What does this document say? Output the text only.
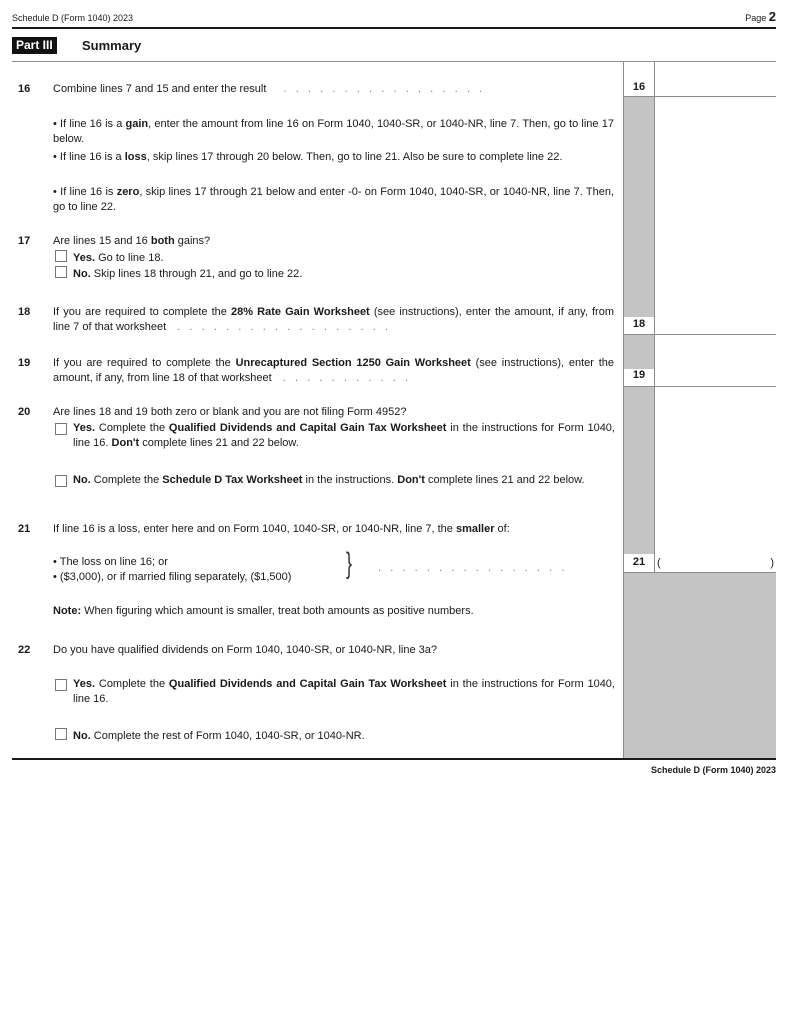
Schedule D (Form 1040) 2023	Page 2
Part III	Summary
16 Combine lines 7 and 15 and enter the result .   .   .   .   .   .   .   .   .   .   .   .   .   .   .   .   .	16
• If line 16 is a gain, enter the amount from line 16 on Form 1040, 1040-SR, or 1040-NR, line 7. Then, go to line 17 below.
• If line 16 is a loss, skip lines 17 through 20 below. Then, go to line 21. Also be sure to complete line 22.
• If line 16 is zero, skip lines 17 through 21 below and enter -0- on Form 1040, 1040-SR, or 1040-NR, line 7. Then, go to line 22.
17 Are lines 15 and 16 both gains?
Yes. Go to line 18.
No. Skip lines 18 through 21, and go to line 22.
18 If you are required to complete the 28% Rate Gain Worksheet (see instructions), enter the amount, if any, from line 7 of that worksheet .   .   .   .   .   .   .   .   .   .   .   .   .   .   .   .   .   .	18
19 If you are required to complete the Unrecaptured Section 1250 Gain Worksheet (see instructions), enter the amount, if any, from line 18 of that worksheet .   .   .   .   .   .   .   .   .   .   .	19
20 Are lines 18 and 19 both zero or blank and you are not filing Form 4952?
Yes. Complete the Qualified Dividends and Capital Gain Tax Worksheet in the instructions for Form 1040, line 16. Don't complete lines 21 and 22 below.
No. Complete the Schedule D Tax Worksheet in the instructions. Don't complete lines 21 and 22 below.
21 If line 16 is a loss, enter here and on Form 1040, 1040-SR, or 1040-NR, line 7, the smaller of:
• The loss on line 16; or
• ($3,000), or if married filing separately, ($1,500) } .   .   .   .   .   .   .   .   .   .   .   .   .   .   .   .	21	(	)
Note: When figuring which amount is smaller, treat both amounts as positive numbers.
22 Do you have qualified dividends on Form 1040, 1040-SR, or 1040-NR, line 3a?
Yes. Complete the Qualified Dividends and Capital Gain Tax Worksheet in the instructions for Form 1040, line 16.
No. Complete the rest of Form 1040, 1040-SR, or 1040-NR.
Schedule D (Form 1040) 2023
